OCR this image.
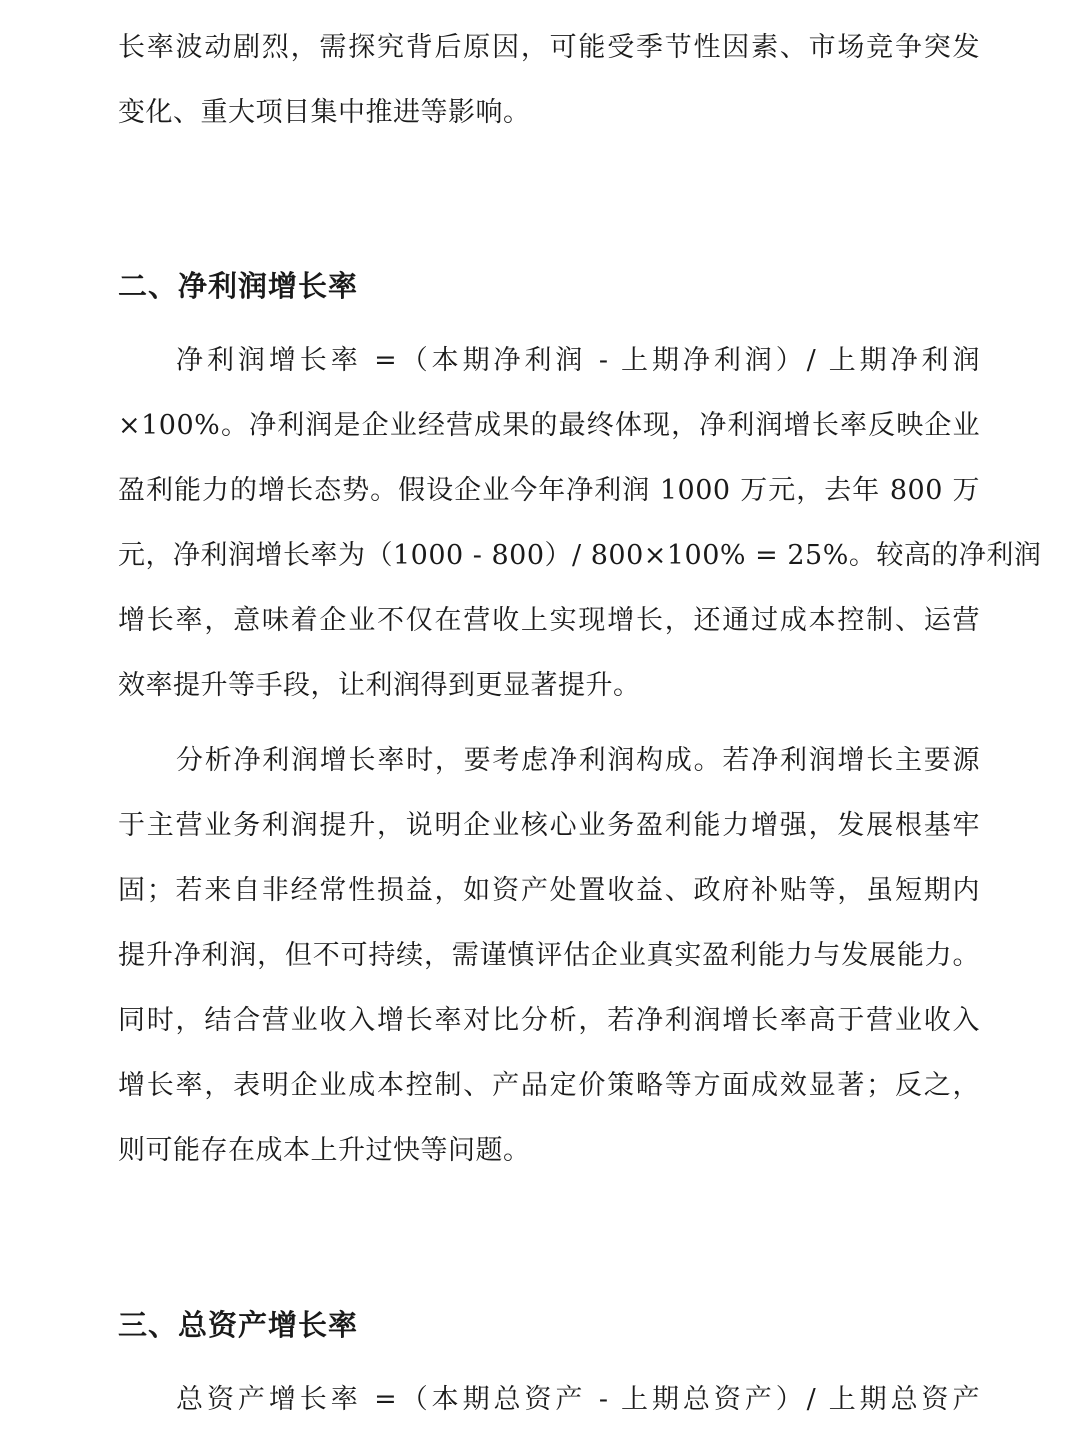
长率波动剧烈，需探究背后原因，可能受季节性因素、市场竞争突发
变化、重大项目集中推进等影响。
二、净利润增长率
净利润增长率 =（本期净利润 - 上期净利润）/ 上期净利润
×100%。净利润是企业经营成果的最终体现，净利润增长率反映企业
盈利能力的增长态势。假设企业今年净利润 1000 万元，去年 800 万
元，净利润增长率为（1000 - 800）/ 800×100% = 25%。较高的净利润
增长率，意味着企业不仅在营收上实现增长，还通过成本控制、运营
效率提升等手段，让利润得到更显著提升。
分析净利润增长率时，要考虑净利润构成。若净利润增长主要源
于主营业务利润提升，说明企业核心业务盈利能力增强，发展根基牢
固；若来自非经常性损益，如资产处置收益、政府补贴等，虽短期内
提升净利润，但不可持续，需谨慎评估企业真实盈利能力与发展能力。
同时，结合营业收入增长率对比分析，若净利润增长率高于营业收入
增长率，表明企业成本控制、产品定价策略等方面成效显著；反之，
则可能存在成本上升过快等问题。
三、总资产增长率
总资产增长率 =（本期总资产 - 上期总资产）/ 上期总资产
